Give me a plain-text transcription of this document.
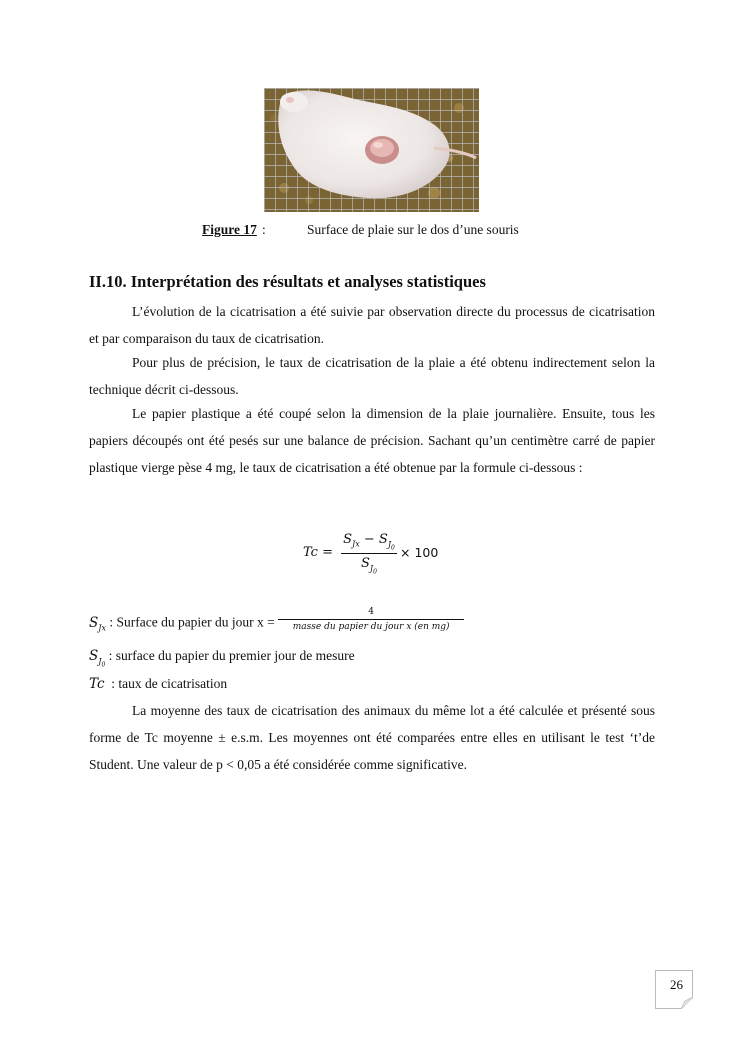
Figure 17 :	Surface de plaie sur le dos d’une souris
II.10. Interprétation des résultats et analyses statistiques

L’évolution de la cicatrisation a été suivie par observation directe du processus de cicatrisation et par comparaison du taux de cicatrisation.

Pour plus de précision, le taux de cicatrisation de la plaie a été obtenu indirectement selon la technique décrit ci-dessous.

Le papier plastique a été coupé selon la dimension de la plaie journalière. Ensuite, tous les papiers découpés ont été pesés sur une balance de précision. Sachant qu’un centimètre carré de papier plastique vierge pèse 4 mg, le taux de cicatrisation a été obtenue par la formule ci-dessous :

Tc =
$S_{Jx} - S_{J_0}$
$S_{J_0}$
× 100
$S_{Jx}$ : Surface du papier du jour x =
4
masse du papier du jour x (en mg)
$S_{J_0}$ : surface du papier du premier jour de mesure
Tc  : taux de cicatrisation

La moyenne des taux de cicatrisation des animaux du même lot a été calculée et présenté sous forme de Tc moyenne ± e.s.m. Les moyennes ont été comparées entre elles en utilisant le test ‘t’de Student. Une valeur de p < 0,05 a été considérée comme significative.

26
